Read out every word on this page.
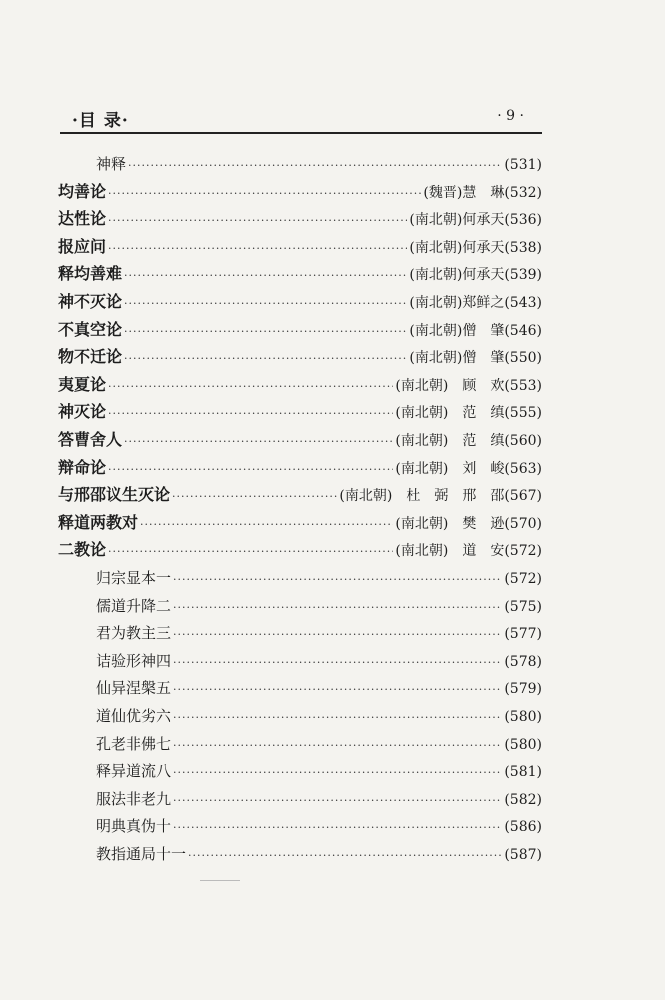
·目 录·	· 9 ·
神释 ·····	(531)
均善论 ·····	(魏晋)慧　琳 (532)
达性论 ·····	(南北朝)何承天 (536)
报应问 ·····	(南北朝)何承天 (538)
释均善难 ·····	(南北朝)何承天 (539)
神不灭论 ·····	(南北朝)郑鲜之 (543)
不真空论 ·····	(南北朝)僧　肇 (546)
物不迁论 ·····	(南北朝)僧　肇 (550)
夷夏论 ·····	(南北朝)　顾　欢 (553)
神灭论 ·····	(南北朝)　范　缜 (555)
答曹舍人 ·····	(南北朝)　范　缜 (560)
辩命论 ·····	(南北朝)　刘　峻 (563)
与邢邵议生灭论 ·····	(南北朝)　杜　弼　邢　邵 (567)
释道两教对 ·····	(南北朝)　樊　逊 (570)
二教论 ·····	(南北朝)　道　安 (572)
归宗显本一 ·····	(572)
儒道升降二 ·····	(575)
君为教主三 ·····	(577)
诘验形神四 ·····	(578)
仙异涅槃五 ·····	(579)
道仙优劣六 ·····	(580)
孔老非佛七 ·····	(580)
释异道流八 ·····	(581)
服法非老九 ·····	(582)
明典真伪十 ·····	(586)
教指通局十一 ·····	(587)
